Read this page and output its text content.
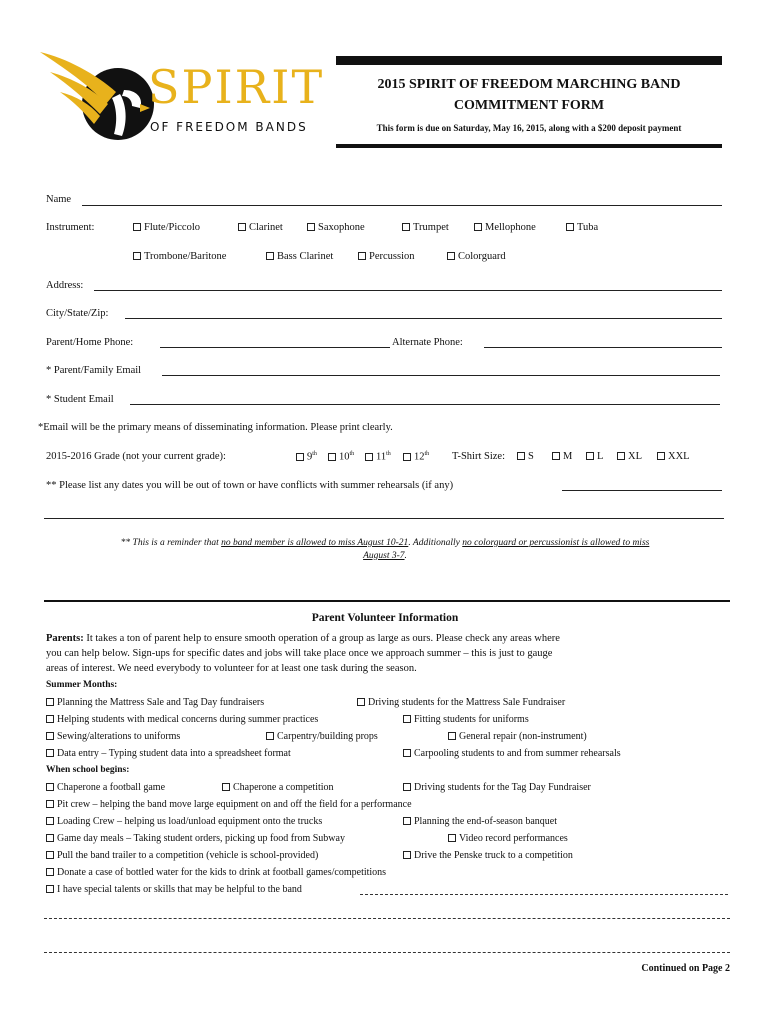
SPIRIT
OF FREEDOM BANDS
2015 SPIRIT OF FREEDOM MARCHING BAND
COMMITMENT FORM
This form is due on Saturday, May 16, 2015, along with a $200 deposit payment
Name
Instrument:	Flute/Piccolo	Clarinet	Saxophone	Trumpet	Mellophone	Tuba
Trombone/Baritone	Bass Clarinet	Percussion	Colorguard
Address:
City/State/Zip:
Parent/Home Phone:	Alternate Phone:
* Parent/Family Email
* Student Email
*Email will be the primary means of disseminating information. Please print clearly.
2015-2016 Grade (not your current grade):	9th	10th	11th	12th T-Shirt Size:	S	M	L	XL	XXL
** Please list any dates you will be out of town or have conflicts with summer rehearsals (if any)
** This is a reminder that no band member is allowed to miss August 10-21. Additionally no colorguard or percussionist is allowed to miss
August 3-7.
Parent Volunteer Information
Parents: It takes a ton of parent help to ensure smooth operation of a group as large as ours. Please check any areas where
you can help below. Sign-ups for specific dates and jobs will take place once we approach summer – this is just to gauge
areas of interest. We need everybody to volunteer for at least one task during the season.
Summer Months:
Planning the Mattress Sale and Tag Day fundraisers	Driving students for the Mattress Sale Fundraiser
Helping students with medical concerns during summer practices	Fitting students for uniforms
Sewing/alterations to uniforms	Carpentry/building props	General repair (non-instrument)
Data entry – Typing student data into a spreadsheet format	Carpooling students to and from summer rehearsals
When school begins:
Chaperone a football game	Chaperone a competition	Driving students for the Tag Day Fundraiser
Pit crew – helping the band move large equipment on and off the field for a performance
Loading Crew – helping us load/unload equipment onto the trucks	Planning the end-of-season banquet
Game day meals – Taking student orders, picking up food from Subway	Video record performances
Pull the band trailer to a competition (vehicle is school-provided)	Drive the Penske truck to a competition
Donate a case of bottled water for the kids to drink at football games/competitions
I have special talents or skills that may be helpful to the band
Continued on Page 2
